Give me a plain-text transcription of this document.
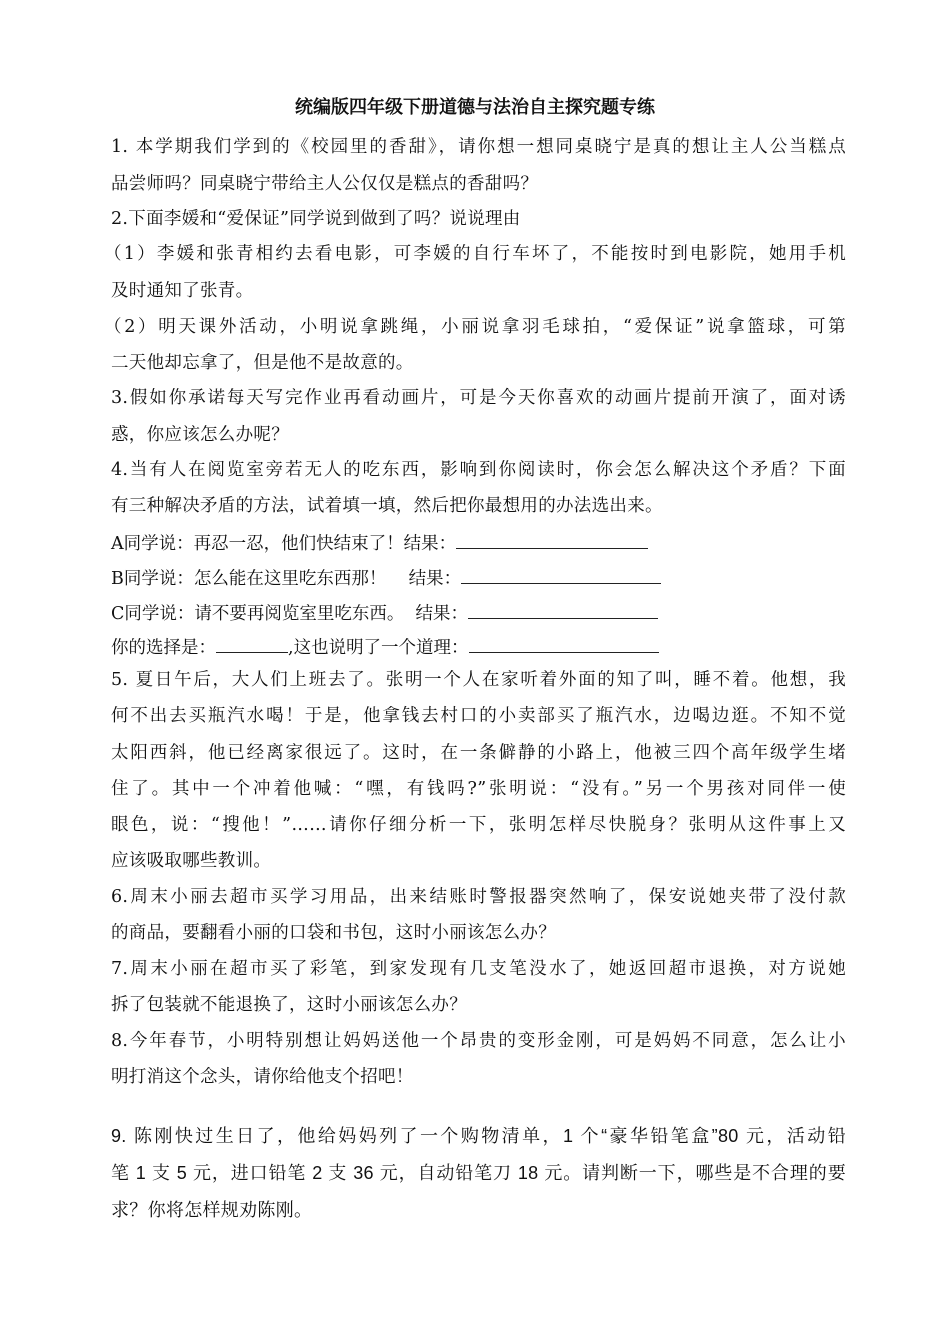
统编版四年级下册道德与法治自主探究题专练
1. 本学期我们学到的《校园里的香甜》，请你想一想同桌晓宁是真的想让主人公当糕点
品尝师吗？同桌晓宁带给主人公仅仅是糕点的香甜吗？
2.下面李媛和“爱保证”同学说到做到了吗？说说理由
（1）李媛和张青相约去看电影，可李媛的自行车坏了，不能按时到电影院，她用手机
及时通知了张青。
（2）明天课外活动，小明说拿跳绳，小丽说拿羽毛球拍，“爱保证”说拿篮球，可第
二天他却忘拿了，但是他不是故意的。
3.假如你承诺每天写完作业再看动画片，可是今天你喜欢的动画片提前开演了，面对诱
惑，你应该怎么办呢？
4.当有人在阅览室旁若无人的吃东西，影响到你阅读时，你会怎么解决这个矛盾？下面
有三种解决矛盾的方法，试着填一填，然后把你最想用的办法选出来。
A同学说：再忍一忍，他们快结束了！结果：
B同学说：怎么能在这里吃东西那！    结果：
C同学说：请不要再阅览室里吃东西。  结果：
你的选择是：	,这也说明了一个道理：
5. 夏日午后，大人们上班去了。张明一个人在家听着外面的知了叫，睡不着。他想，我
何不出去买瓶汽水喝！于是，他拿钱去村口的小卖部买了瓶汽水，边喝边逛。不知不觉
太阳西斜，他已经离家很远了。这时，在一条僻静的小路上，他被三四个高年级学生堵
住了。其中一个冲着他喊：“嘿，有钱吗?”张明说：“没有。”另一个男孩对同伴一使
眼色，说：“搜他！”……请你仔细分析一下，张明怎样尽快脱身？张明从这件事上又
应该吸取哪些教训。
6.周末小丽去超市买学习用品，出来结账时警报器突然响了，保安说她夹带了没付款
的商品，要翻看小丽的口袋和书包，这时小丽该怎么办？
7.周末小丽在超市买了彩笔，到家发现有几支笔没水了，她返回超市退换，对方说她
拆了包装就不能退换了，这时小丽该怎么办？
8.今年春节，小明特别想让妈妈送他一个昂贵的变形金刚，可是妈妈不同意，怎么让小
明打消这个念头，请你给他支个招吧！
9. 陈刚快过生日了，他给妈妈列了一个购物清单，1 个“豪华铅笔盒”80 元，活动铅
笔 1 支 5 元，进口铅笔 2 支 36 元，自动铅笔刀 18 元。请判断一下，哪些是不合理的要
求？你将怎样规劝陈刚。
